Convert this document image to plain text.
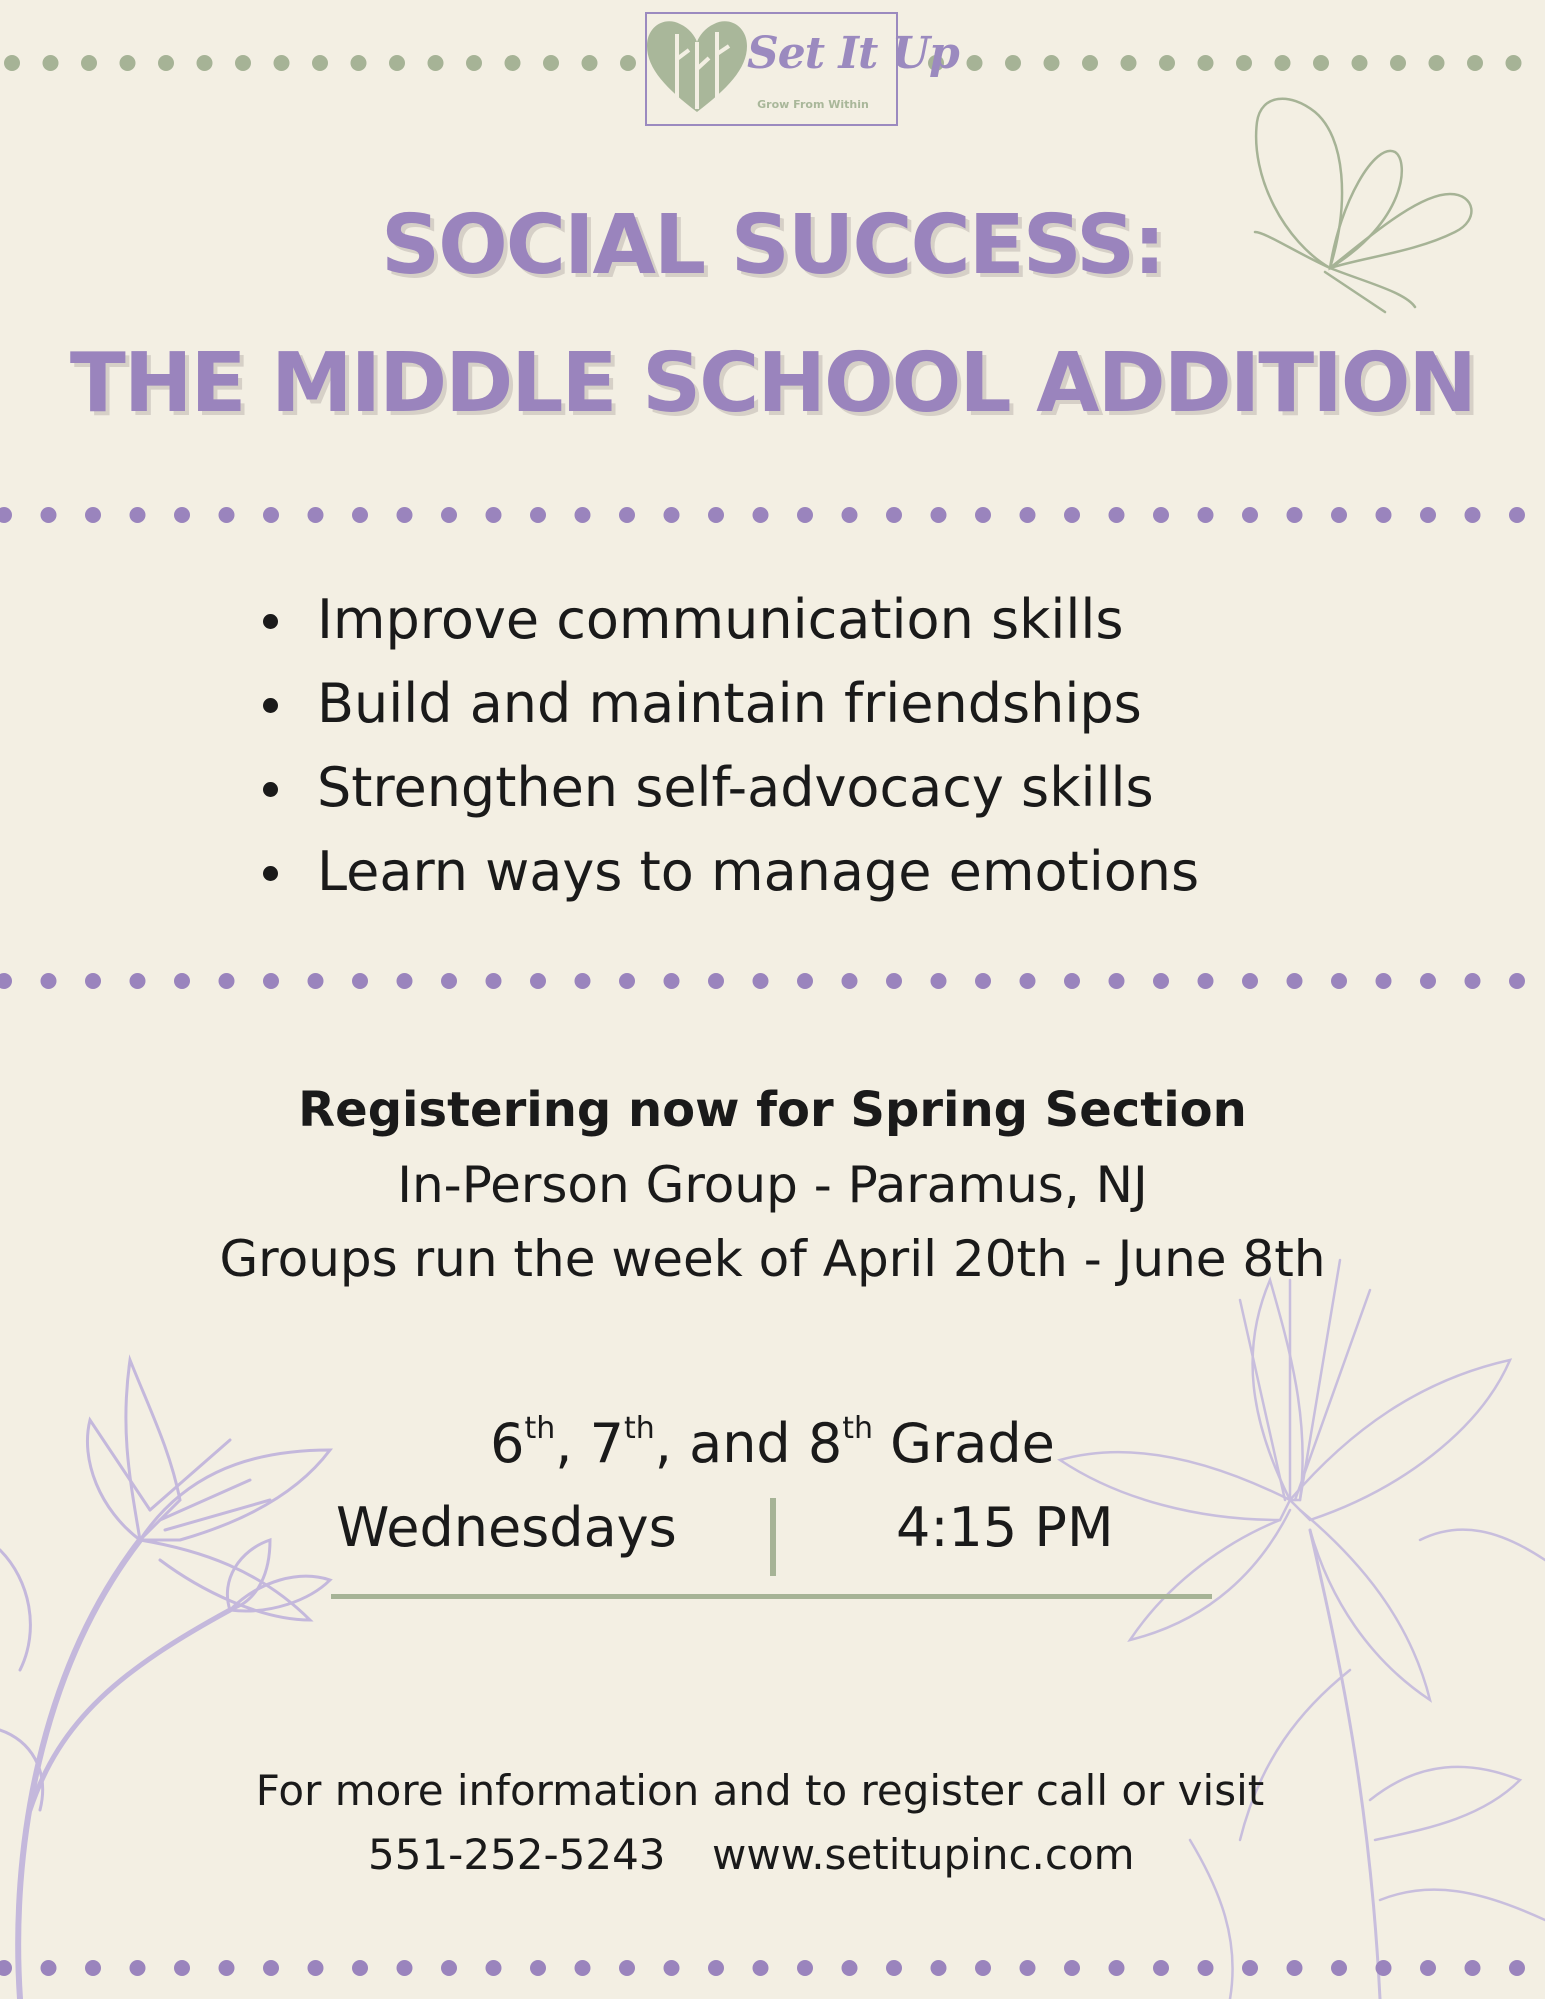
Set It Up
Grow From Within
SOCIAL SUCCESS:
THE MIDDLE SCHOOL ADDITION
Improve communication skills
Build and maintain friendships
Strengthen self-advocacy skills
Learn ways to manage emotions
Registering now for Spring Section
In-Person Group - Paramus, NJ
Groups run the week of April 20th - June 8th
6th, 7th, and 8th Grade
Wednesdays	4:15 PM
For more information and to register call or visit
551-252-5243 www.setitupinc.com
